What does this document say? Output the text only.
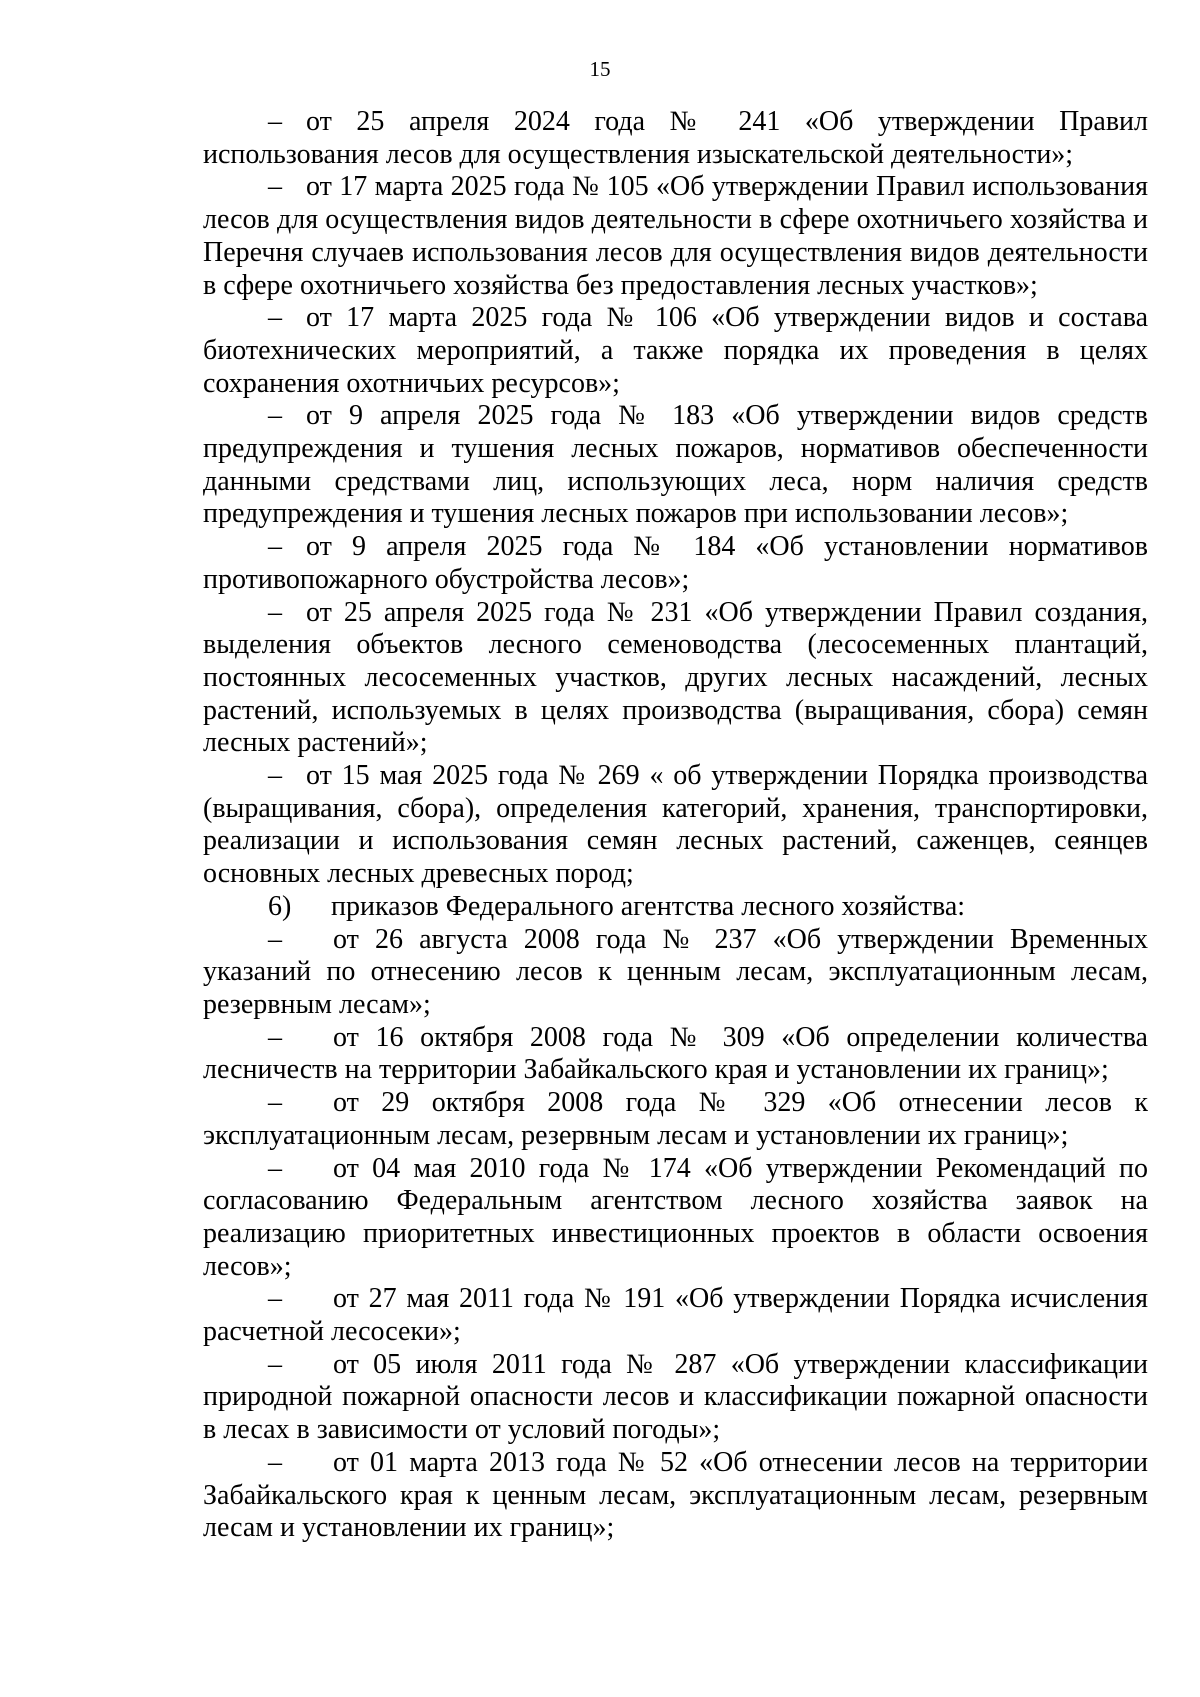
15

– от 25 апреля 2024 года № 241 «Об утверждении Правил использования лесов для осуществления изыскательской деятельности»;

– от 17 марта 2025 года № 105 «Об утверждении Правил использования лесов для осуществления видов деятельности в сфере охотничьего хозяйства и Перечня случаев использования лесов для осуществления видов деятельности в сфере охотничьего хозяйства без предоставления лесных участков»;

– от 17 марта 2025 года № 106 «Об утверждении видов и состава биотехнических мероприятий, а также порядка их проведения в целях сохранения охотничьих ресурсов»;

– от 9 апреля 2025 года № 183 «Об утверждении видов средств предупреждения и тушения лесных пожаров, нормативов обеспеченности данными средствами лиц, использующих леса, норм наличия средств предупреждения и тушения лесных пожаров при использовании лесов»;

– от 9 апреля 2025 года № 184 «Об установлении нормативов противопожарного обустройства лесов»;

– от 25 апреля 2025 года № 231 «Об утверждении Правил создания, выделения объектов лесного семеноводства (лесосеменных плантаций, постоянных лесосеменных участков, других лесных насаждений, лесных растений, используемых в целях производства (выращивания, сбора) семян лесных растений»;

– от 15 мая 2025 года № 269 « об утверждении Порядка производства (выращивания, сбора), определения категорий, хранения, транспортировки, реализации и использования семян лесных растений, саженцев, сеянцев основных лесных древесных пород;

6) приказов Федерального агентства лесного хозяйства:

– от 26 августа 2008 года № 237 «Об утверждении Временных указаний по отнесению лесов к ценным лесам, эксплуатационным лесам, резервным лесам»;

– от 16 октября 2008 года № 309 «Об определении количества лесничеств на территории Забайкальского края и установлении их границ»;

– от 29 октября 2008 года № 329 «Об отнесении лесов к эксплуатационным лесам, резервным лесам и установлении их границ»;

– от 04 мая 2010 года № 174 «Об утверждении Рекомендаций по согласованию Федеральным агентством лесного хозяйства заявок на реализацию приоритетных инвестиционных проектов в области освоения лесов»;

– от 27 мая 2011 года № 191 «Об утверждении Порядка исчисления расчетной лесосеки»;

– от 05 июля 2011 года № 287 «Об утверждении классификации природной пожарной опасности лесов и классификации пожарной опасности в лесах в зависимости от условий погоды»;

– от 01 марта 2013 года № 52 «Об отнесении лесов на территории Забайкальского края к ценным лесам, эксплуатационным лесам, резервным лесам и установлении их границ»;
